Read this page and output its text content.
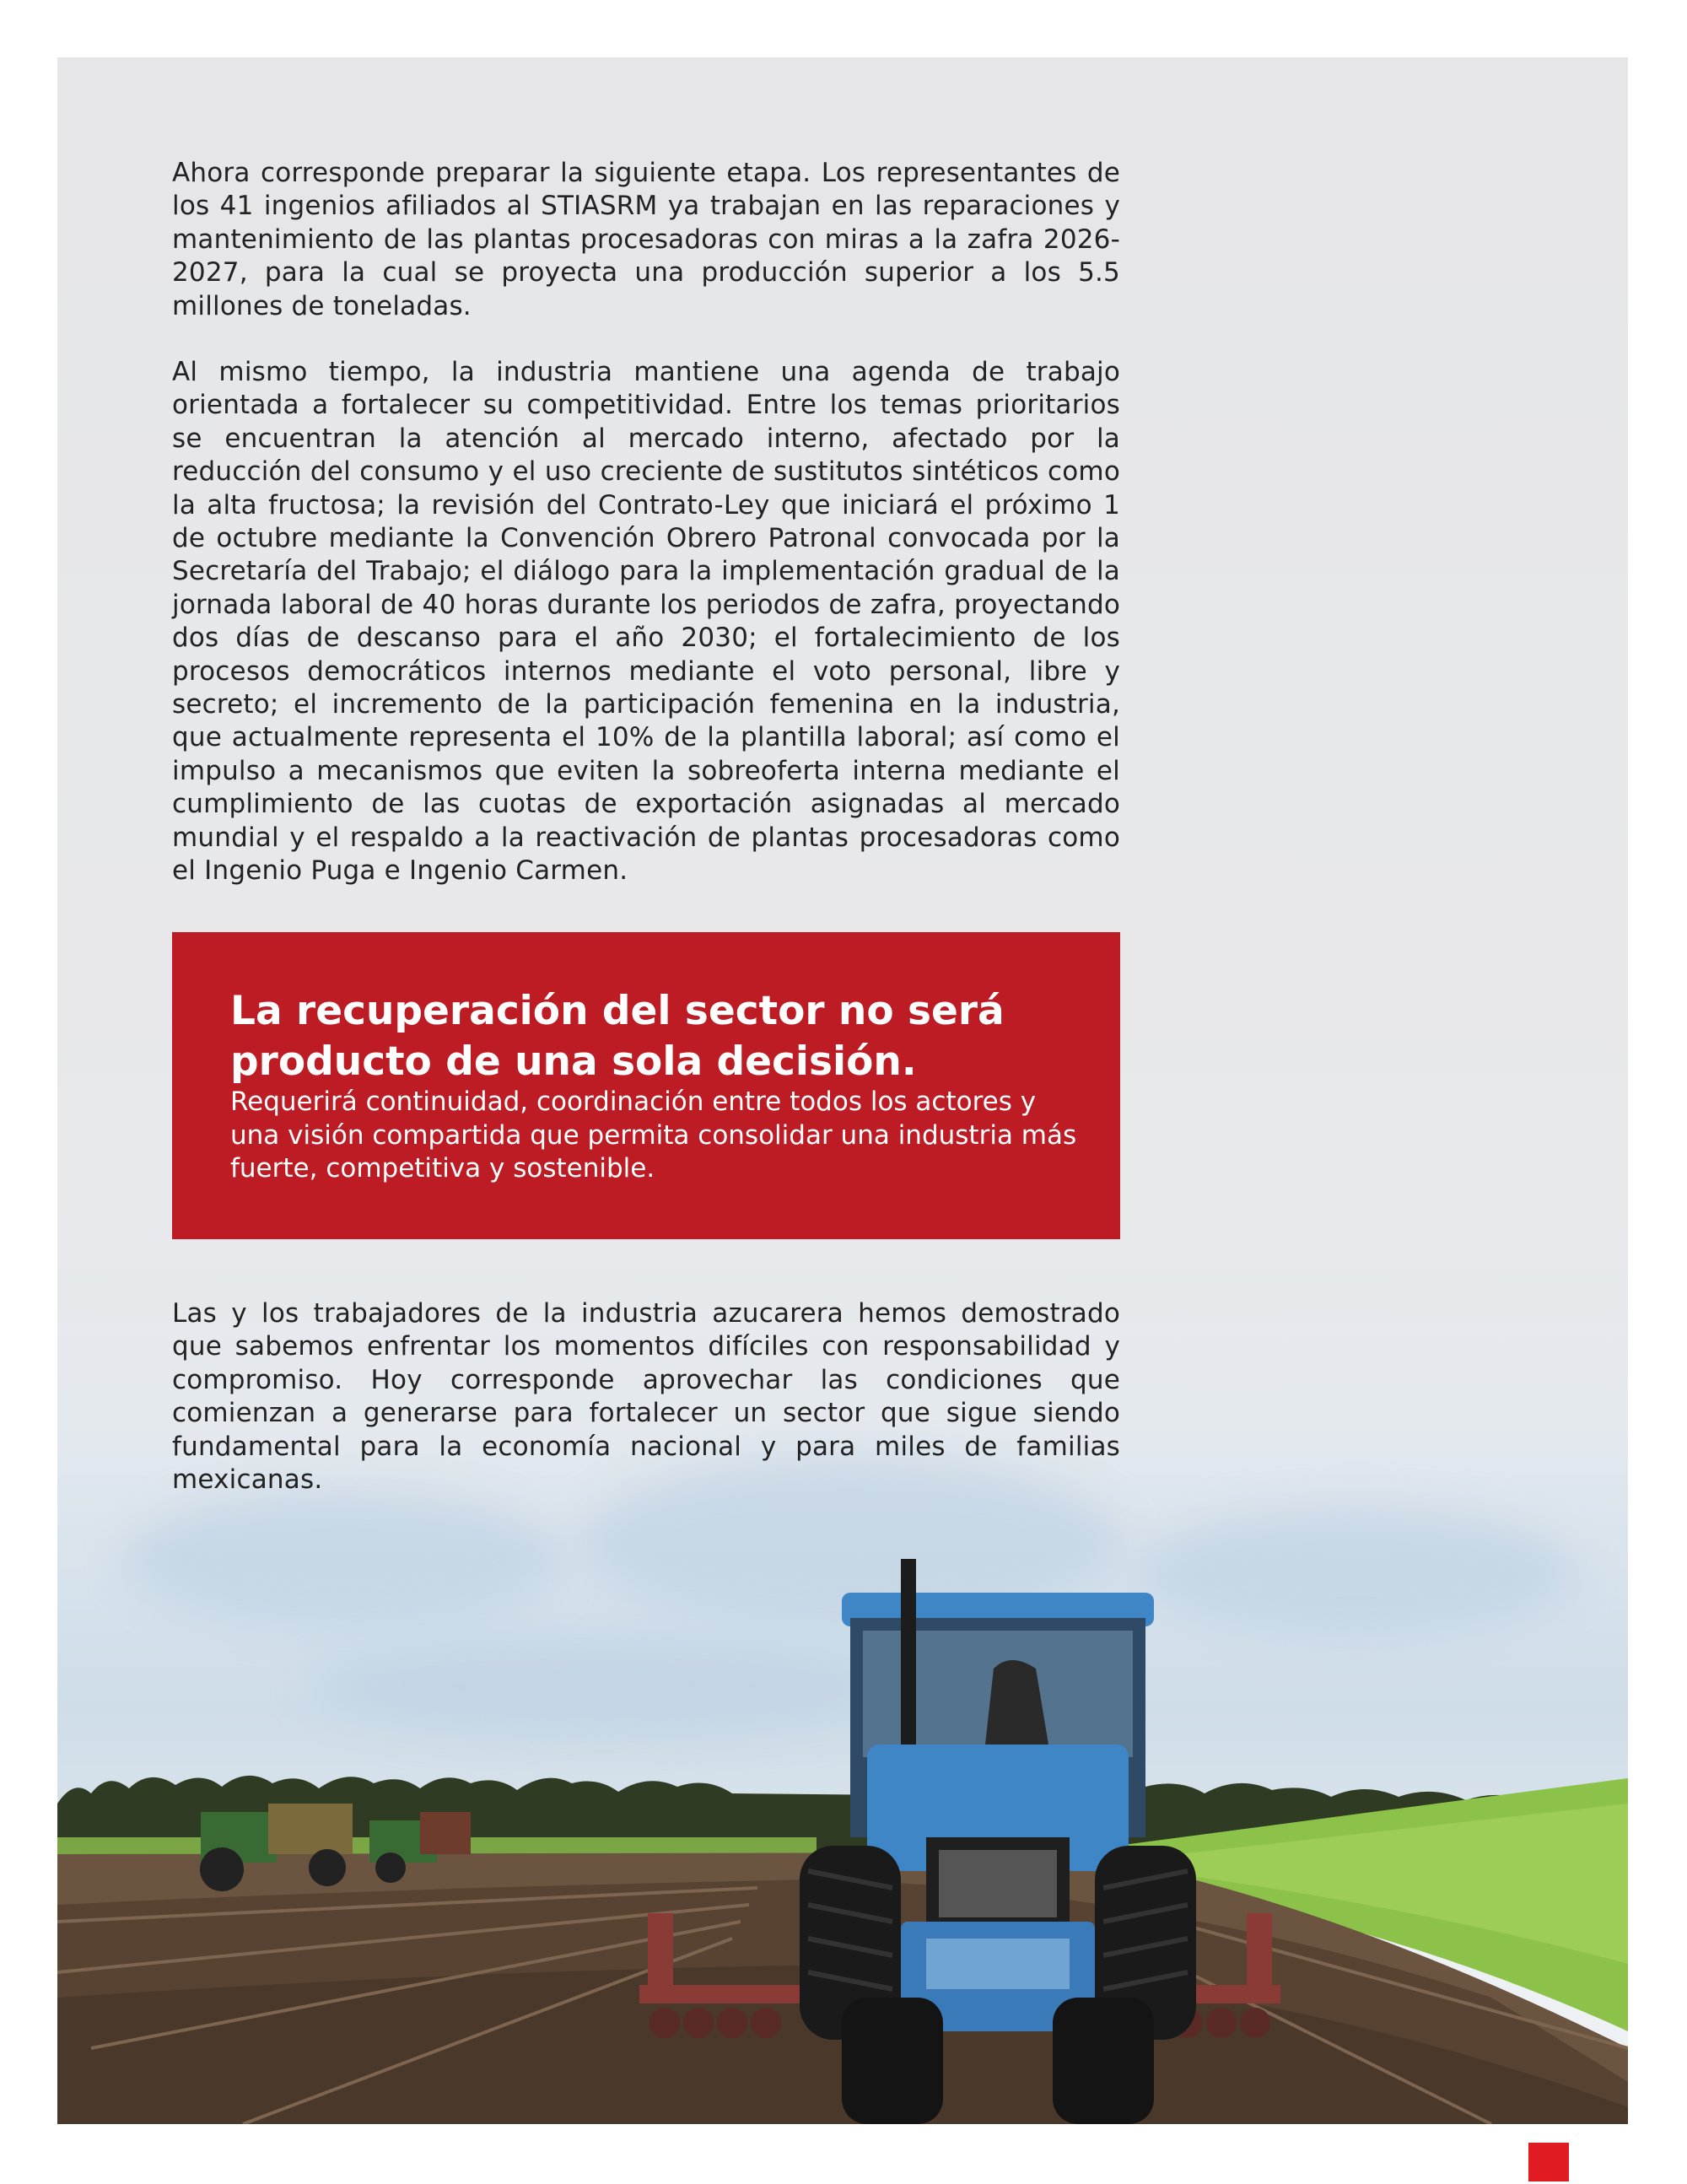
Ahora corresponde preparar la siguiente etapa. Los representantes de los 41 ingenios afiliados al STIASRM ya trabajan en las reparaciones y mantenimiento de las plantas procesadoras con miras a la zafra 2026-2027, para la cual se proyecta una producción superior a los 5.5 millones de toneladas.

Al mismo tiempo, la industria mantiene una agenda de trabajo orientada a fortalecer su competitividad. Entre los temas prioritarios se encuentran la atención al mercado interno, afectado por la reducción del consumo y el uso creciente de sustitutos sintéticos como la alta fructosa; la revisión del Contrato-Ley que iniciará el próximo 1 de octubre mediante la Convención Obrero Patronal convocada por la Secretaría del Trabajo; el diálogo para la implementación gradual de la jornada laboral de 40 horas durante los periodos de zafra, proyectando dos días de descanso para el año 2030; el fortalecimiento de los procesos democráticos internos mediante el voto personal, libre y secreto; el incremento de la participación femenina en la industria, que actualmente representa el 10% de la plantilla laboral; así como el impulso a mecanismos que eviten la sobreoferta interna mediante el cumplimiento de las cuotas de exportación asignadas al mercado mundial y el respaldo a la reactivación de plantas procesadoras como el Ingenio Puga e Ingenio Carmen.

La recuperación del sector no será producto de una sola decisión.

Requerirá continuidad, coordinación entre todos los actores y una visión compartida que permita consolidar una industria más fuerte, competitiva y sostenible.

Las y los trabajadores de la industria azucarera hemos demostrado que sabemos enfrentar los momentos difíciles con responsabilidad y compromiso. Hoy corresponde aprovechar las condiciones que comienzan a generarse para fortalecer un sector que sigue siendo fundamental para la economía nacional y para miles de familias mexicanas.
